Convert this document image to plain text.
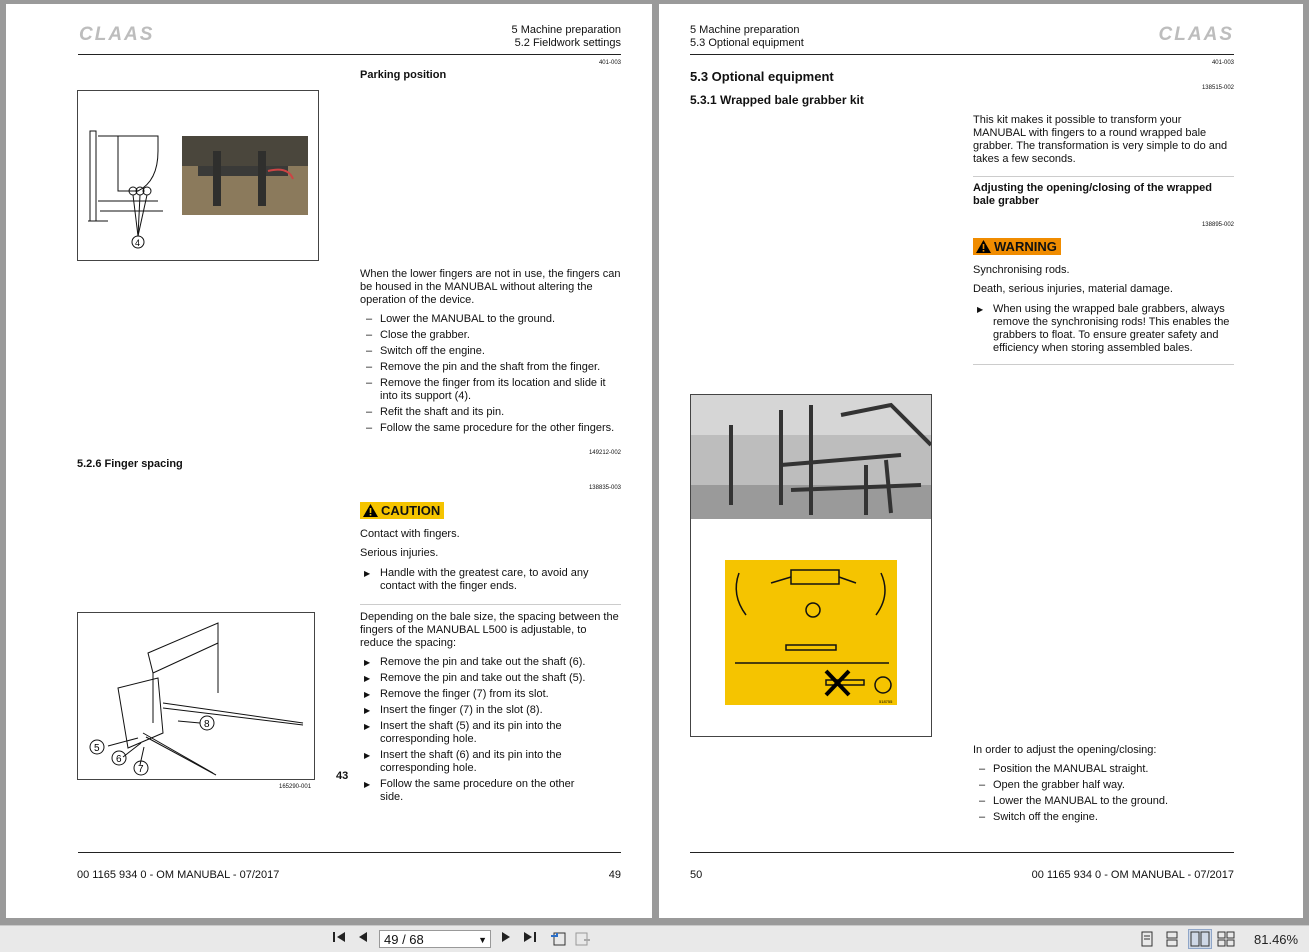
CLAAS	5 Machine preparation
5.2 Fieldwork settings
401-003
Parking position
4
When the lower fingers are not in use, the fingers can be housed in the MANUBAL without altering the operation of the device.
– Lower the MANUBAL to the ground.
– Close the grabber.
– Switch off the engine.
– Remove the pin and the shaft from the finger.
– Remove the finger from its location and slide it into its support (4).
– Refit the shaft and its pin.
– Follow the same procedure for the other fingers.
5.2.6 Finger spacing
149212-002
138835-003
CAUTION
Contact with fingers.
Serious injuries.
▶ Handle with the greatest care, to avoid any contact with the finger ends.
Depending on the bale size, the spacing between the fingers of the MANUBAL L500 is adjustable, to reduce the spacing:
▶ Remove the pin and take out the shaft (6).
▶ Remove the pin and take out the shaft (5).
▶ Remove the finger (7) from its slot.
▶ Insert the finger (7) in the slot (8).
▶ Insert the shaft (5) and its pin into the corresponding hole.
▶ Insert the shaft (6) and its pin into the corresponding hole.
▶ Follow the same procedure on the other side.
5
6
7
8
165290-001
43
00 1165 934 0 - OM MANUBAL - 07/2017	49
5 Machine preparation
5.3 Optional equipment	CLAAS
401-003
5.3 Optional equipment
138515-002
5.3.1 Wrapped bale grabber kit
This kit makes it possible to transform your MANUBAL with fingers to a round wrapped bale grabber. The transformation is very simple to do and takes a few seconds.
Adjusting the opening/closing of the wrapped bale grabber
138895-002
WARNING
Synchronising rods.
Death, serious injuries, material damage.
▶ When using the wrapped bale grabbers, always remove the synchronising rods! This enables the grabbers to float. To ensure greater safety and efficiency when storing assembled bales.
518755
In order to adjust the opening/closing:
– Position the MANUBAL straight.
– Open the grabber half way.
– Lower the MANUBAL to the ground.
– Switch off the engine.
50	00 1165 934 0 - OM MANUBAL - 07/2017
49 / 68	▼	81.46%
